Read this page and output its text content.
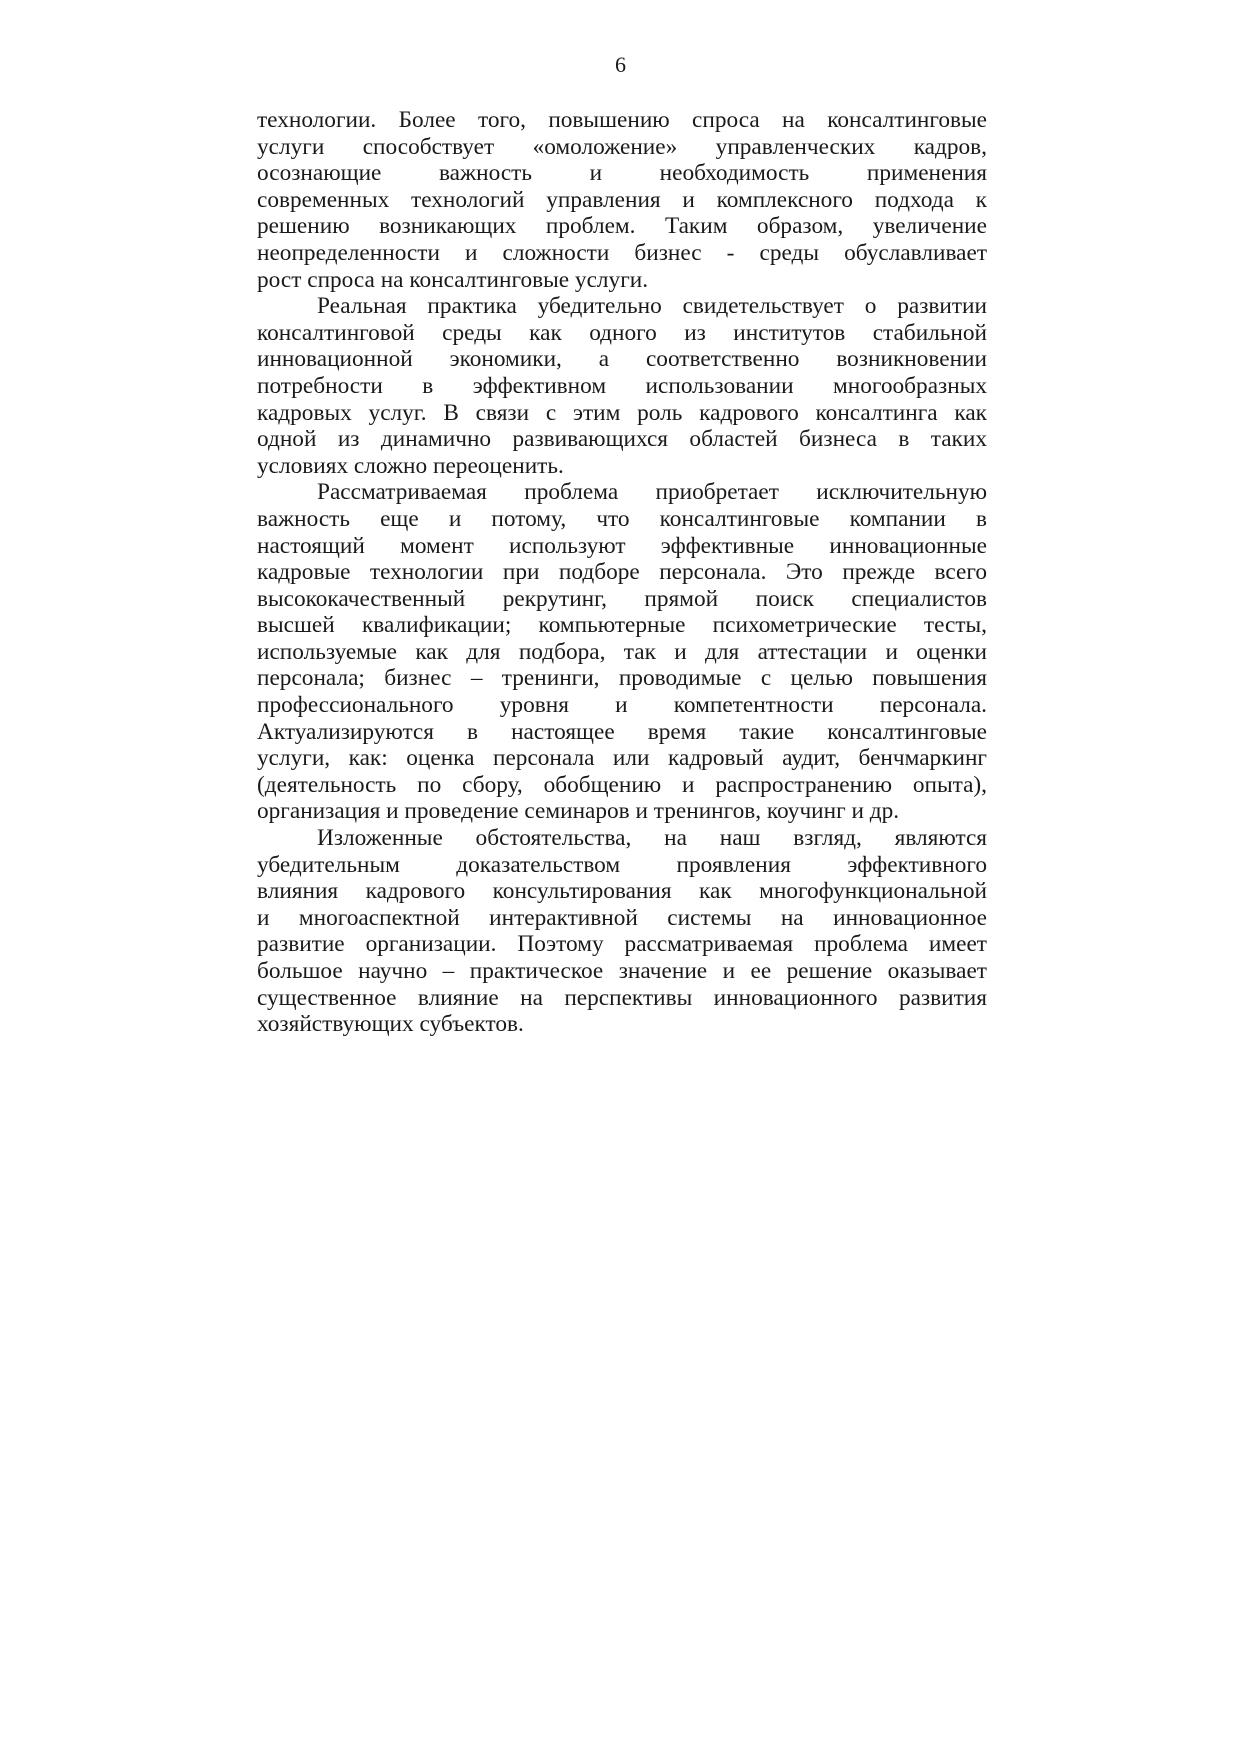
6
технологии. Более того, повышению спроса на консалтинговые
услуги способствует «омоложение» управленческих кадров,
осознающие важность и необходимость применения
современных технологий управления и комплексного подхода к
решению возникающих проблем. Таким образом, увеличение
неопределенности и сложности бизнес - среды обуславливает
рост спроса на консалтинговые услуги.
Реальная практика убедительно свидетельствует о развитии
консалтинговой среды как одного из институтов стабильной
инновационной экономики, а соответственно возникновении
потребности в эффективном использовании многообразных
кадровых услуг. В связи с этим роль кадрового консалтинга как
одной из динамично развивающихся областей бизнеса в таких
условиях сложно переоценить.
Рассматриваемая проблема приобретает исключительную
важность еще и потому, что консалтинговые компании в
настоящий момент используют эффективные инновационные
кадровые технологии при подборе персонала. Это прежде всего
высококачественный рекрутинг, прямой поиск специалистов
высшей квалификации; компьютерные психометрические тесты,
используемые как для подбора, так и для аттестации и оценки
персонала; бизнес – тренинги, проводимые с целью повышения
профессионального уровня и компетентности персонала.
Актуализируются в настоящее время такие консалтинговые
услуги, как: оценка персонала или кадровый аудит, бенчмаркинг
(деятельность по сбору, обобщению и распространению опыта),
организация и проведение семинаров и тренингов, коучинг и др.
Изложенные обстоятельства, на наш взгляд, являются
убедительным доказательством проявления эффективного
влияния кадрового консультирования как многофункциональной
и многоаспектной интерактивной системы на инновационное
развитие организации. Поэтому рассматриваемая проблема имеет
большое научно – практическое значение и ее решение оказывает
существенное влияние на перспективы инновационного развития
хозяйствующих субъектов.
